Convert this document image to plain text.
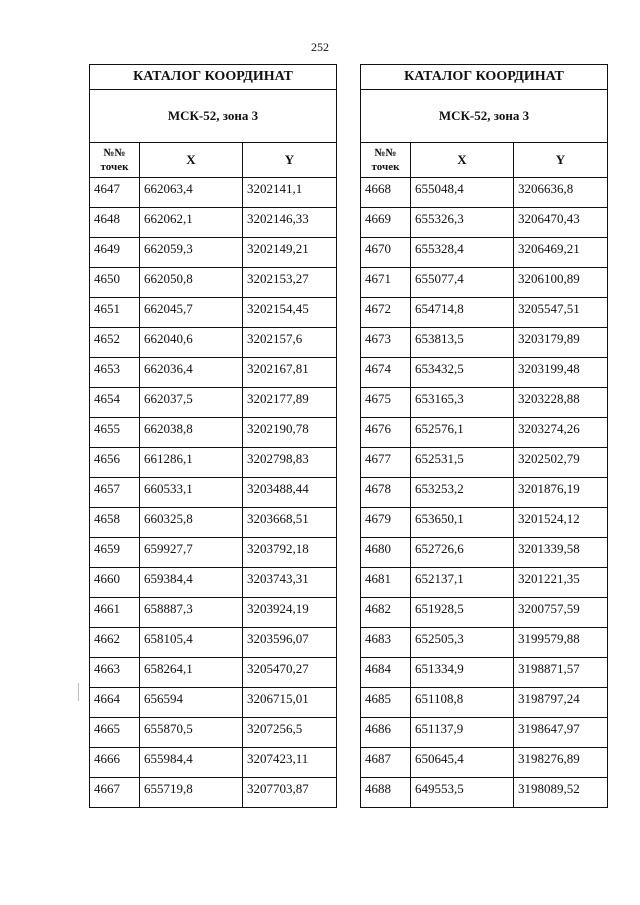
252
КАТАЛОГ КООРДИНАТ		
МСК-52, зона 3		
№№
точек	X	Y
4647	662063,4	3202141,1
4648	662062,1	3202146,33
4649	662059,3	3202149,21
4650	662050,8	3202153,27
4651	662045,7	3202154,45
4652	662040,6	3202157,6
4653	662036,4	3202167,81
4654	662037,5	3202177,89
4655	662038,8	3202190,78
4656	661286,1	3202798,83
4657	660533,1	3203488,44
4658	660325,8	3203668,51
4659	659927,7	3203792,18
4660	659384,4	3203743,31
4661	658887,3	3203924,19
4662	658105,4	3203596,07
4663	658264,1	3205470,27
4664	656594	3206715,01
4665	655870,5	3207256,5
4666	655984,4	3207423,11
4667	655719,8	3207703,87
КАТАЛОГ КООРДИНАТ		
МСК-52, зона 3		
№№
точек	X	Y
4668	655048,4	3206636,8
4669	655326,3	3206470,43
4670	655328,4	3206469,21
4671	655077,4	3206100,89
4672	654714,8	3205547,51
4673	653813,5	3203179,89
4674	653432,5	3203199,48
4675	653165,3	3203228,88
4676	652576,1	3203274,26
4677	652531,5	3202502,79
4678	653253,2	3201876,19
4679	653650,1	3201524,12
4680	652726,6	3201339,58
4681	652137,1	3201221,35
4682	651928,5	3200757,59
4683	652505,3	3199579,88
4684	651334,9	3198871,57
4685	651108,8	3198797,24
4686	651137,9	3198647,97
4687	650645,4	3198276,89
4688	649553,5	3198089,52
